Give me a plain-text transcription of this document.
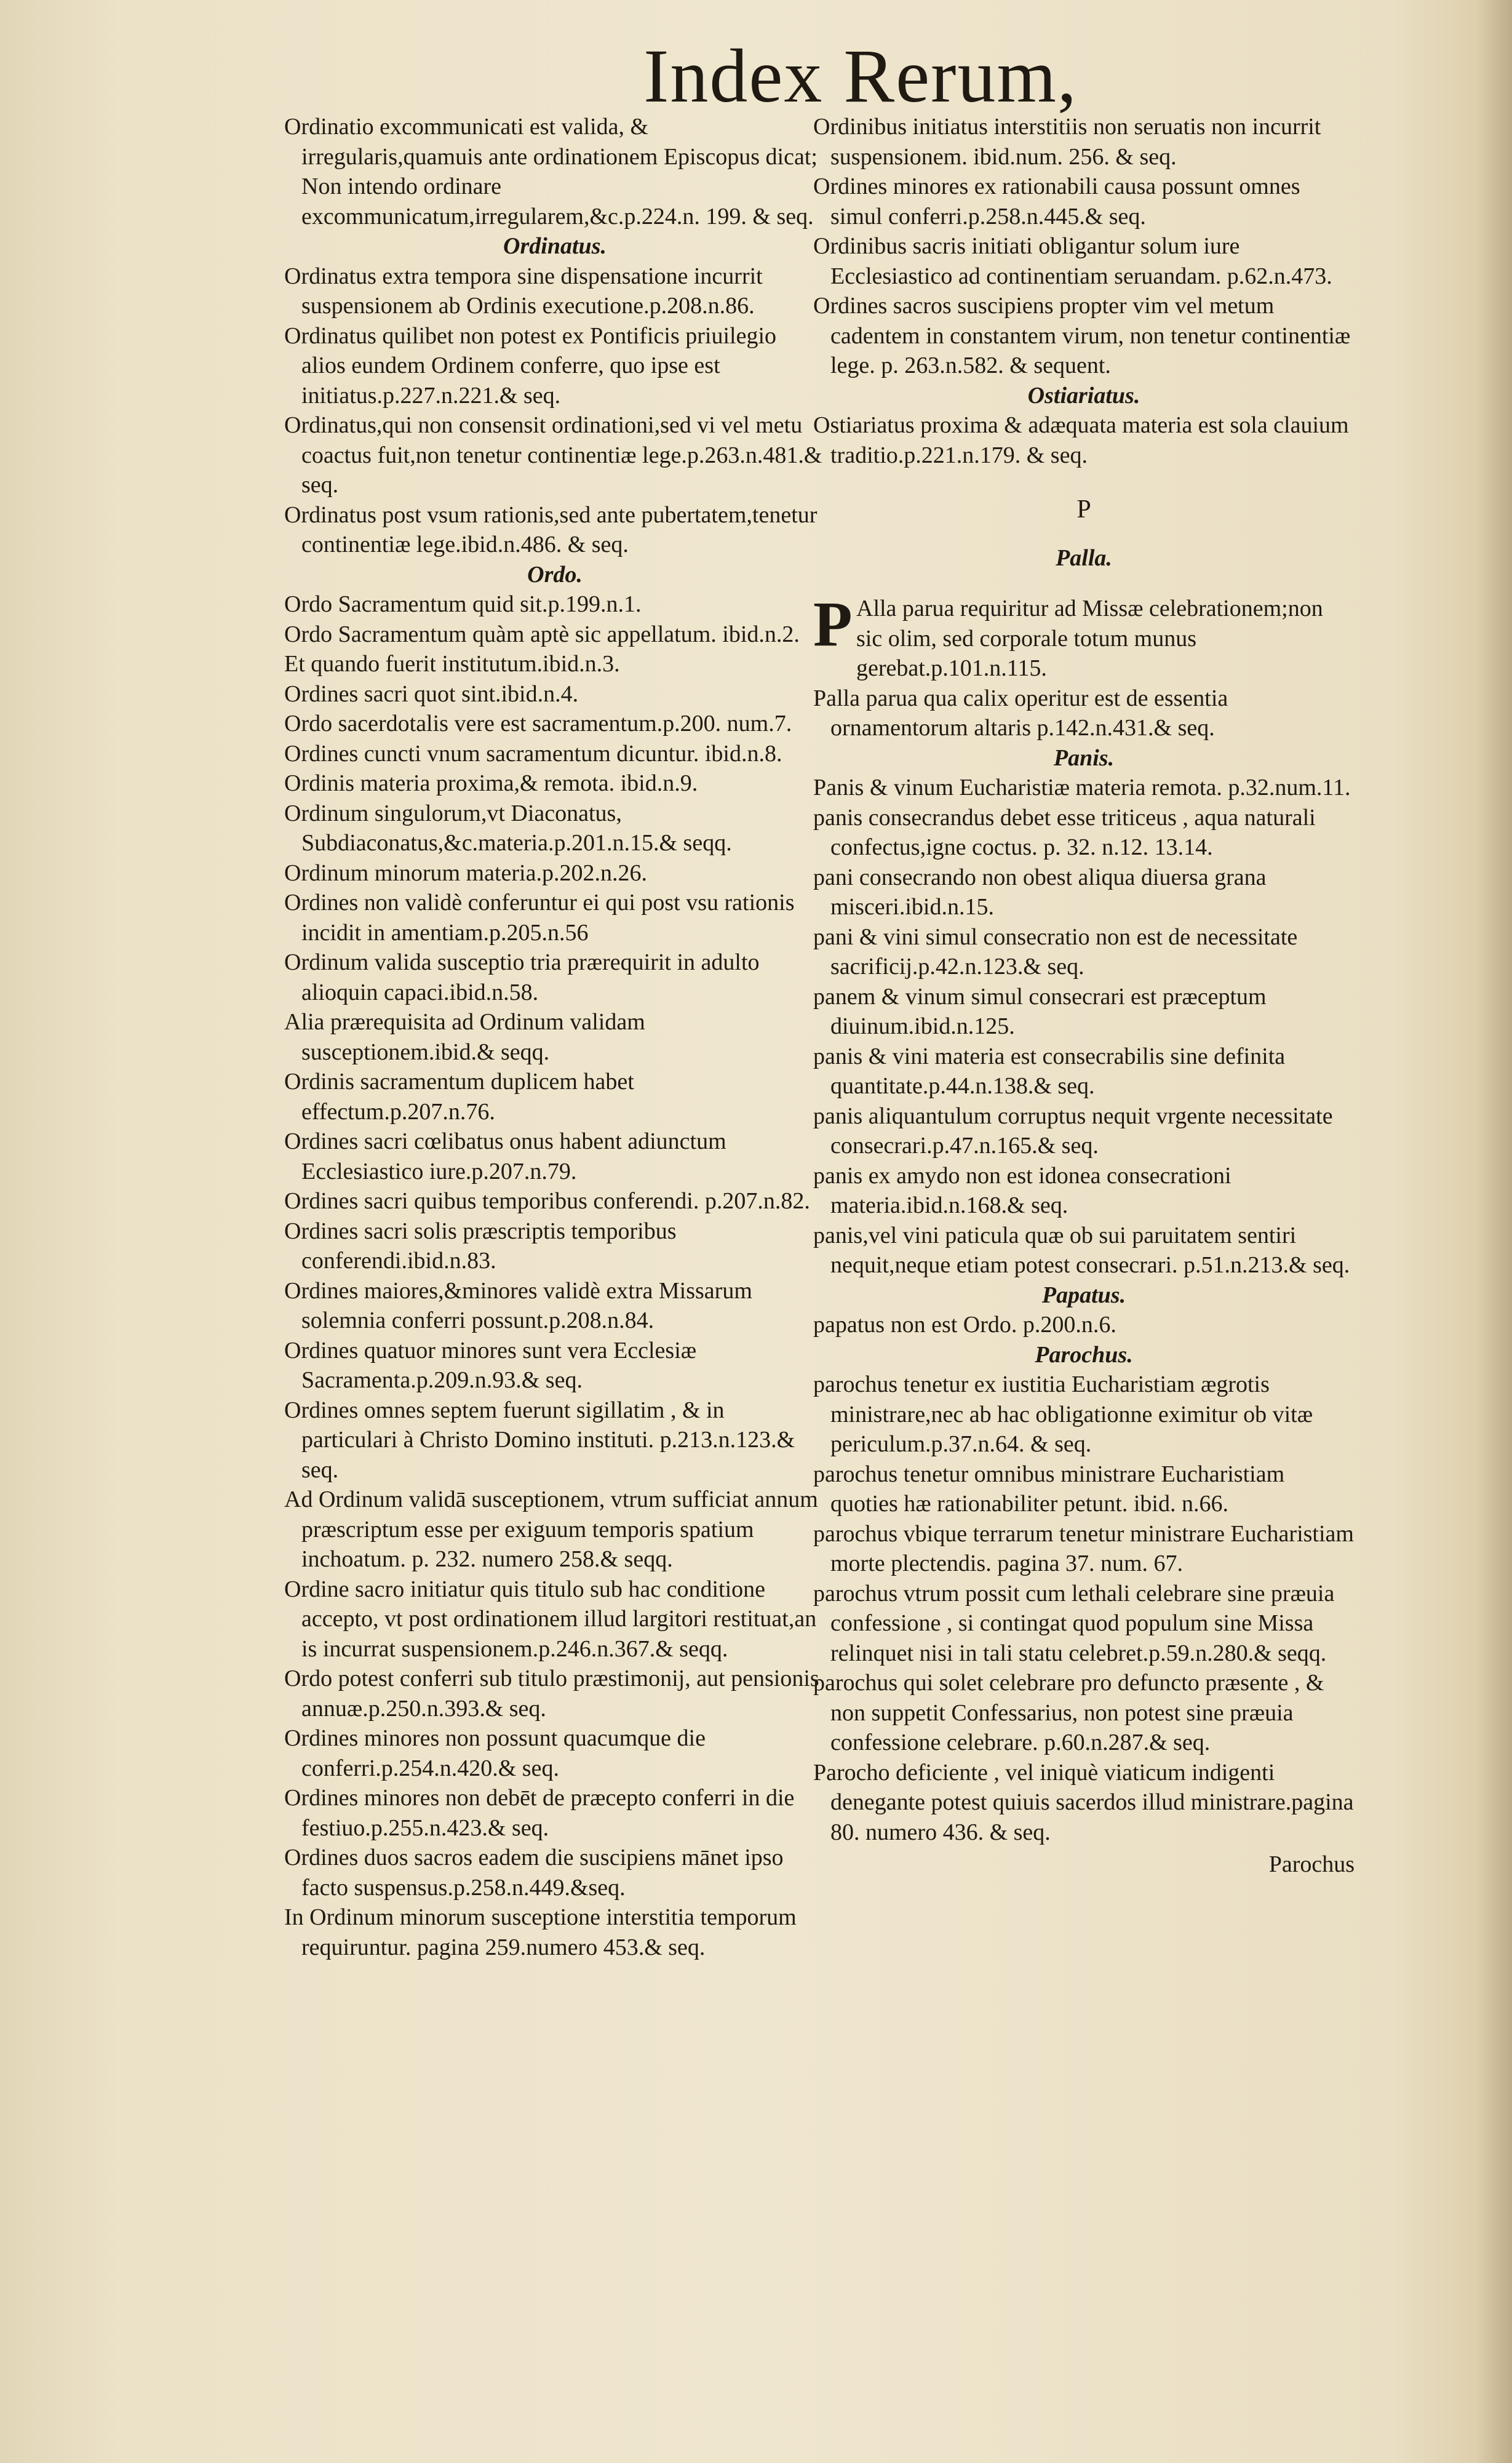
Index Rerum,

Ordinatio excommunicati est valida, & irregularis,quamuis ante ordinationem Episcopus dicat; Non intendo ordinare excommunicatum,irregularem,&c.p.224.n. 199. & seq.

Ordinatus.

Ordinatus extra tempora sine dispensatione incurrit suspensionem ab Ordinis executione.p.208.n.86.

Ordinatus quilibet non potest ex Pontificis priuilegio alios eundem Ordinem conferre, quo ipse est initiatus.p.227.n.221.& seq.

Ordinatus,qui non consensit ordinationi,sed vi vel metu coactus fuit,non tenetur continentiæ lege.p.263.n.481.& seq.

Ordinatus post vsum rationis,sed ante pubertatem,tenetur continentiæ lege.ibid.n.486. & seq.

Ordo.

Ordo Sacramentum quid sit.p.199.n.1.

Ordo Sacramentum quàm aptè sic appellatum. ibid.n.2.

Et quando fuerit institutum.ibid.n.3.

Ordines sacri quot sint.ibid.n.4.

Ordo sacerdotalis vere est sacramentum.p.200. num.7.

Ordines cuncti vnum sacramentum dicuntur. ibid.n.8.

Ordinis materia proxima,& remota. ibid.n.9.

Ordinum singulorum,vt Diaconatus, Subdiaconatus,&c.materia.p.201.n.15.& seqq.

Ordinum minorum materia.p.202.n.26.

Ordines non validè conferuntur ei qui post vsu rationis incidit in amentiam.p.205.n.56

Ordinum valida susceptio tria prærequirit in adulto alioquin capaci.ibid.n.58.

Alia prærequisita ad Ordinum validam susceptionem.ibid.& seqq.

Ordinis sacramentum duplicem habet effectum.p.207.n.76.

Ordines sacri cœlibatus onus habent adiunctum Ecclesiastico iure.p.207.n.79.

Ordines sacri quibus temporibus conferendi. p.207.n.82.

Ordines sacri solis præscriptis temporibus conferendi.ibid.n.83.

Ordines maiores,&minores validè extra Missarum solemnia conferri possunt.p.208.n.84.

Ordines quatuor minores sunt vera Ecclesiæ Sacramenta.p.209.n.93.& seq.

Ordines omnes septem fuerunt sigillatim , & in particulari à Christo Domino instituti. p.213.n.123.& seq.

Ad Ordinum validā susceptionem, vtrum sufficiat annum præscriptum esse per exiguum temporis spatium inchoatum. p. 232. numero 258.& seqq.

Ordine sacro initiatur quis titulo sub hac conditione accepto, vt post ordinationem illud largitori restituat,an is incurrat suspensionem.p.246.n.367.& seqq.

Ordo potest conferri sub titulo præstimonij, aut pensionis annuæ.p.250.n.393.& seq.

Ordines minores non possunt quacumque die conferri.p.254.n.420.& seq.

Ordines minores non debēt de præcepto conferri in die festiuo.p.255.n.423.& seq.

Ordines duos sacros eadem die suscipiens mānet ipso facto suspensus.p.258.n.449.&seq.

In Ordinum minorum susceptione interstitia temporum requiruntur. pagina 259.numero 453.& seq.

Ordinibus initiatus interstitiis non seruatis non incurrit suspensionem. ibid.num. 256. & seq.

Ordines minores ex rationabili causa possunt omnes simul conferri.p.258.n.445.& seq.

Ordinibus sacris initiati obligantur solum iure Ecclesiastico ad continentiam seruandam. p.62.n.473.

Ordines sacros suscipiens propter vim vel metum cadentem in constantem virum, non tenetur continentiæ lege. p. 263.n.582. & sequent.

Ostiariatus.

Ostiariatus proxima & adæquata materia est sola clauium traditio.p.221.n.179. & seq.

P

Palla.

P Alla parua requiritur ad Missæ celebrationem;non sic olim, sed corporale totum munus gerebat.p.101.n.115.

Palla parua qua calix operitur est de essentia ornamentorum altaris p.142.n.431.& seq.

Panis.

Panis & vinum Eucharistiæ materia remota. p.32.num.11.

panis consecrandus debet esse triticeus , aqua naturali confectus,igne coctus. p. 32. n.12. 13.14.

pani consecrando non obest aliqua diuersa grana misceri.ibid.n.15.

pani & vini simul consecratio non est de necessitate sacrificij.p.42.n.123.& seq.

panem & vinum simul consecrari est præceptum diuinum.ibid.n.125.

panis & vini materia est consecrabilis sine definita quantitate.p.44.n.138.& seq.

panis aliquantulum corruptus nequit vrgente necessitate consecrari.p.47.n.165.& seq.

panis ex amydo non est idonea consecrationi materia.ibid.n.168.& seq.

panis,vel vini paticula quæ ob sui paruitatem sentiri nequit,neque etiam potest consecrari. p.51.n.213.& seq.

Papatus.

papatus non est Ordo. p.200.n.6.

Parochus.

parochus tenetur ex iustitia Eucharistiam ægrotis ministrare,nec ab hac obligationne eximitur ob vitæ periculum.p.37.n.64. & seq.

parochus tenetur omnibus ministrare Eucharistiam quoties hæ rationabiliter petunt. ibid. n.66.

parochus vbique terrarum tenetur ministrare Eucharistiam morte plectendis. pagina 37. num. 67.

parochus vtrum possit cum lethali celebrare sine præuia confessione , si contingat quod populum sine Missa relinquet nisi in tali statu celebret.p.59.n.280.& seqq.

parochus qui solet celebrare pro defuncto præsente , & non suppetit Confessarius, non potest sine præuia confessione celebrare. p.60.n.287.& seq.

Parocho deficiente , vel iniquè viaticum indigenti denegante potest quiuis sacerdos illud ministrare.pagina 80. numero 436. & seq.

Parochus
